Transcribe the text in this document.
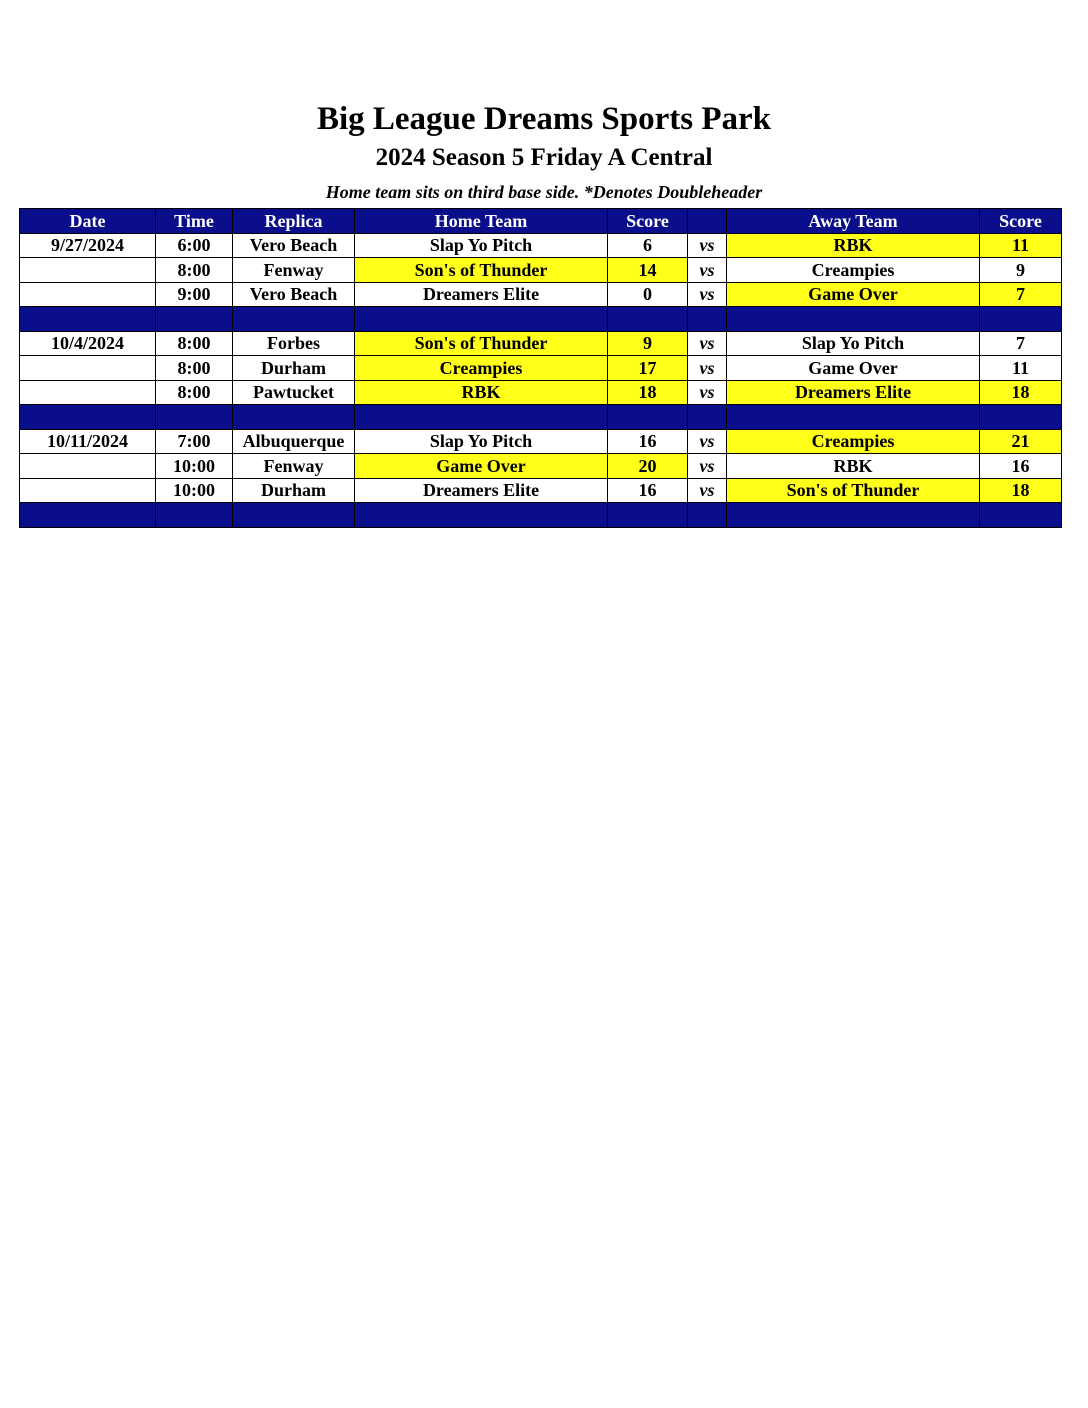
Big League Dreams Sports Park
2024 Season 5 Friday A Central
Home team sits on third base side. *Denotes Doubleheader
Date	Time	Replica	Home Team	Score		Away Team	Score
9/27/2024	6:00	Vero Beach	Slap Yo Pitch	6	vs	RBK	11
	8:00	Fenway	Son's of Thunder	14	vs	Creampies	9
	9:00	Vero Beach	Dreamers Elite	0	vs	Game Over	7

10/4/2024	8:00	Forbes	Son's of Thunder	9	vs	Slap Yo Pitch	7
	8:00	Durham	Creampies	17	vs	Game Over	11
	8:00	Pawtucket	RBK	18	vs	Dreamers Elite	18

10/11/2024	7:00	Albuquerque	Slap Yo Pitch	16	vs	Creampies	21
	10:00	Fenway	Game Over	20	vs	RBK	16
	10:00	Durham	Dreamers Elite	16	vs	Son's of Thunder	18
